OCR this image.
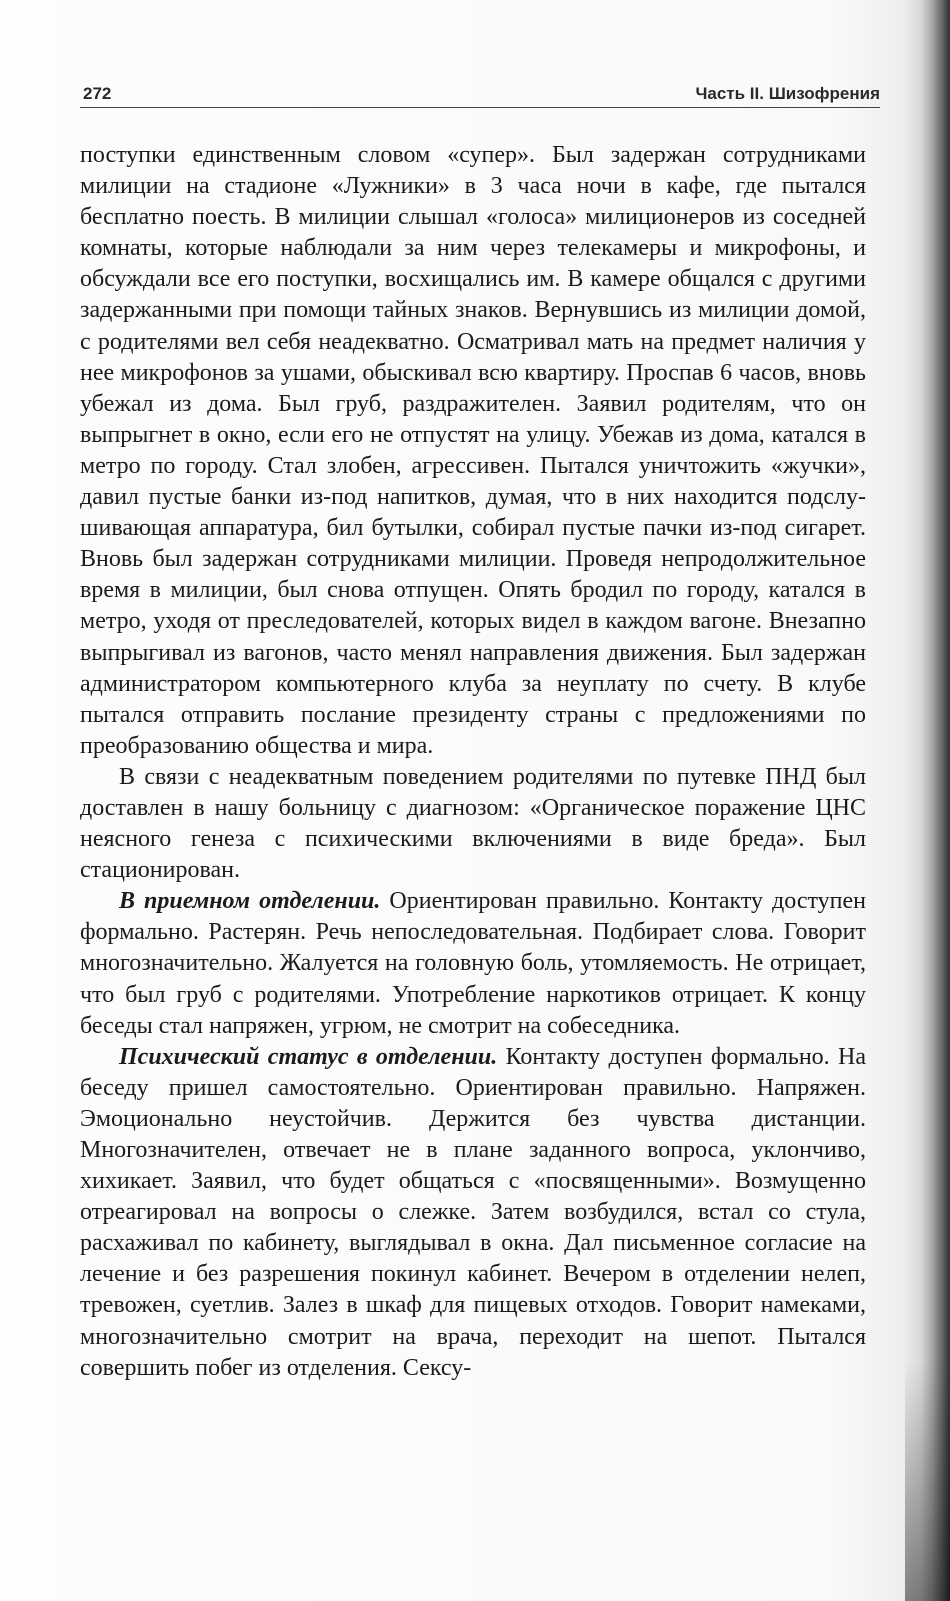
272	Часть II. Шизофрения

поступки единственным словом «супер». Был задержан сотрудниками милиции на стадионе «Лужники» в 3 часа ночи в кафе, где пытался бесплатно поесть. В милиции слышал «голоса» милиционеров из соседней комнаты, которые наблюдали за ним через телекамеры и микрофоны, и обсуждали все его поступки, восхищались им. В камере общался с другими задержанными при помощи тайных знаков. Вернувшись из милиции домой, с родителями вел себя неадекватно. Осматривал мать на предмет наличия у нее микрофонов за ушами, обыскивал всю квартиру. Проспав 6 часов, вновь убежал из дома. Был груб, раздражителен. Заявил родителям, что он выпрыгнет в окно, если его не отпустят на улицу. Убежав из дома, катался в метро по городу. Стал злобен, агрессивен. Пытался уничтожить «жучки», давил пустые банки из-под напитков, думая, что в них находится подслушивающая аппаратура, бил бутылки, собирал пустые пачки из-под сигарет. Вновь был задержан сотрудниками милиции. Проведя непродолжительное время в милиции, был снова отпущен. Опять бродил по городу, катался в метро, уходя от преследователей, которых видел в каждом вагоне. Внезапно выпрыгивал из вагонов, часто менял направления движения. Был задержан администратором компьютерного клуба за неуплату по счету. В клубе пытался отправить послание президенту страны с предложениями по преобразованию общества и мира.

В связи с неадекватным поведением родителями по путевке ПНД был доставлен в нашу больницу с диагнозом: «Органическое поражение ЦНС неясного генеза с психическими включениями в виде бреда». Был стационирован.

В приемном отделении. Ориентирован правильно. Контакту доступен формально. Растерян. Речь непоследовательная. Подбирает слова. Говорит многозначительно. Жалуется на головную боль, утомляемость. Не отрицает, что был груб с родителями. Употребление наркотиков отрицает. К концу беседы стал напряжен, угрюм, не смотрит на собеседника.

Психический статус в отделении. Контакту доступен формально. На беседу пришел самостоятельно. Ориентирован правильно. Напряжен. Эмоционально неустойчив. Держится без чувства дистанции. Многозначителен, отвечает не в плане заданного вопроса, уклончиво, хихикает. Заявил, что будет общаться с «посвященными». Возмущенно отреагировал на вопросы о слежке. Затем возбудился, встал со стула, расхаживал по кабинету, выглядывал в окна. Дал письменное согласие на лечение и без разрешения покинул кабинет. Вечером в отделении нелеп, тревожен, суетлив. Залез в шкаф для пищевых отходов. Говорит намеками, многозначительно смотрит на врача, переходит на шепот. Пытался совершить побег из отделения. Сексу-
